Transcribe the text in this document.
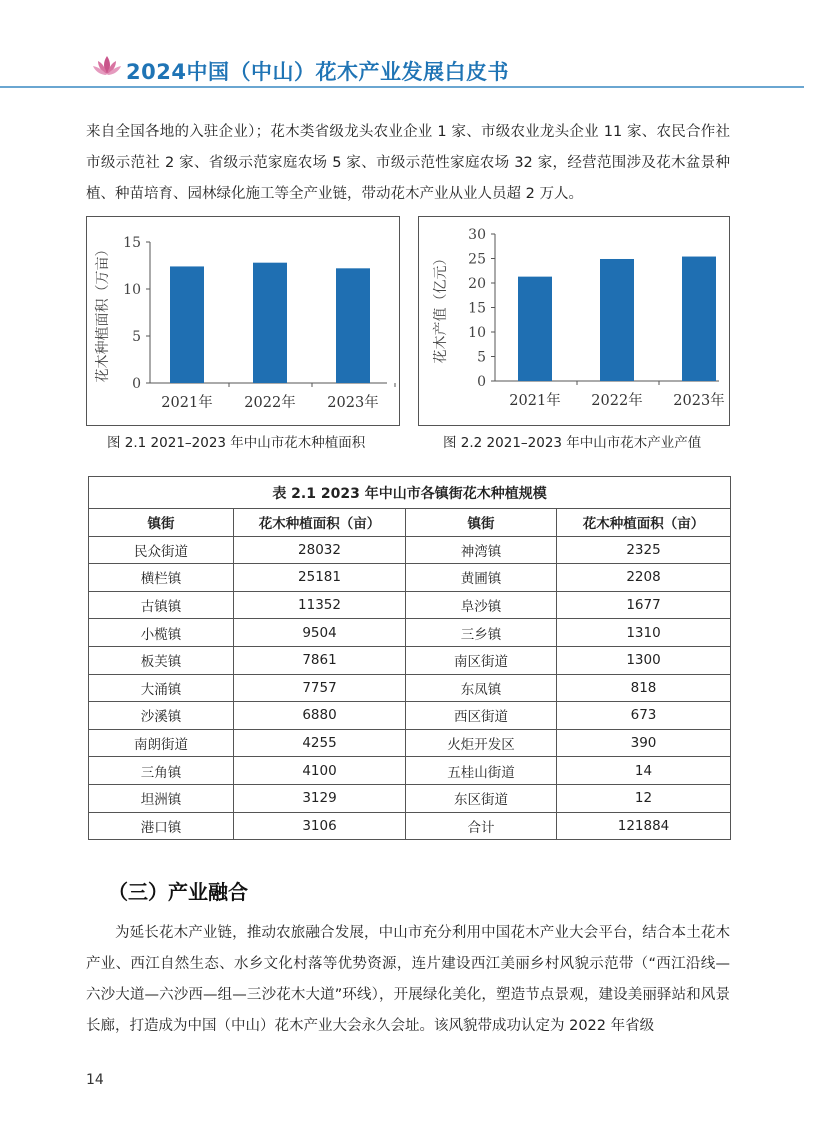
2024中国（中山）花木产业发展白皮书

来自全国各地的入驻企业）；花木类省级龙头农业企业 1 家、市级农业龙头企业 11 家、农民合作社市级示范社 2 家、省级示范家庭农场 5 家、市级示范性家庭农场 32 家，经营范围涉及花木盆景种植、种苗培育、园林绿化施工等全产业链，带动花木产业从业人员超 2 万人。

0
5
10
15
2021年 2022年 2023年
花木种植面积（万亩）
图 2.1 2021–2023 年中山市花木种植面积
0
5
10
15
20
25
30
2021年 2022年 2023年
花木产值（亿元）
图 2.2 2021–2023 年中山市花木产业产值
表 2.1 2023 年中山市各镇街花木种植规模			
镇街	花木种植面积（亩）	镇街	花木种植面积（亩）
民众街道	28032	神湾镇	2325
横栏镇	25181	黄圃镇	2208
古镇镇	11352	阜沙镇	1677
小榄镇	9504	三乡镇	1310
板芙镇	7861	南区街道	1300
大涌镇	7757	东凤镇	818
沙溪镇	6880	西区街道	673
南朗街道	4255	火炬开发区	390
三角镇	4100	五桂山街道	14
坦洲镇	3129	东区街道	12
港口镇	3106	合计	121884
（三）产业融合

为延长花木产业链，推动农旅融合发展，中山市充分利用中国花木产业大会平台，结合本土花木产业、西江自然生态、水乡文化村落等优势资源，连片建设西江美丽乡村风貌示范带（“西江沿线—六沙大道—六沙西—组—三沙花木大道”环线），开展绿化美化，塑造节点景观，建设美丽驿站和风景长廊，打造成为中国（中山）花木产业大会永久会址。该风貌带成功认定为 2022 年省级

14
